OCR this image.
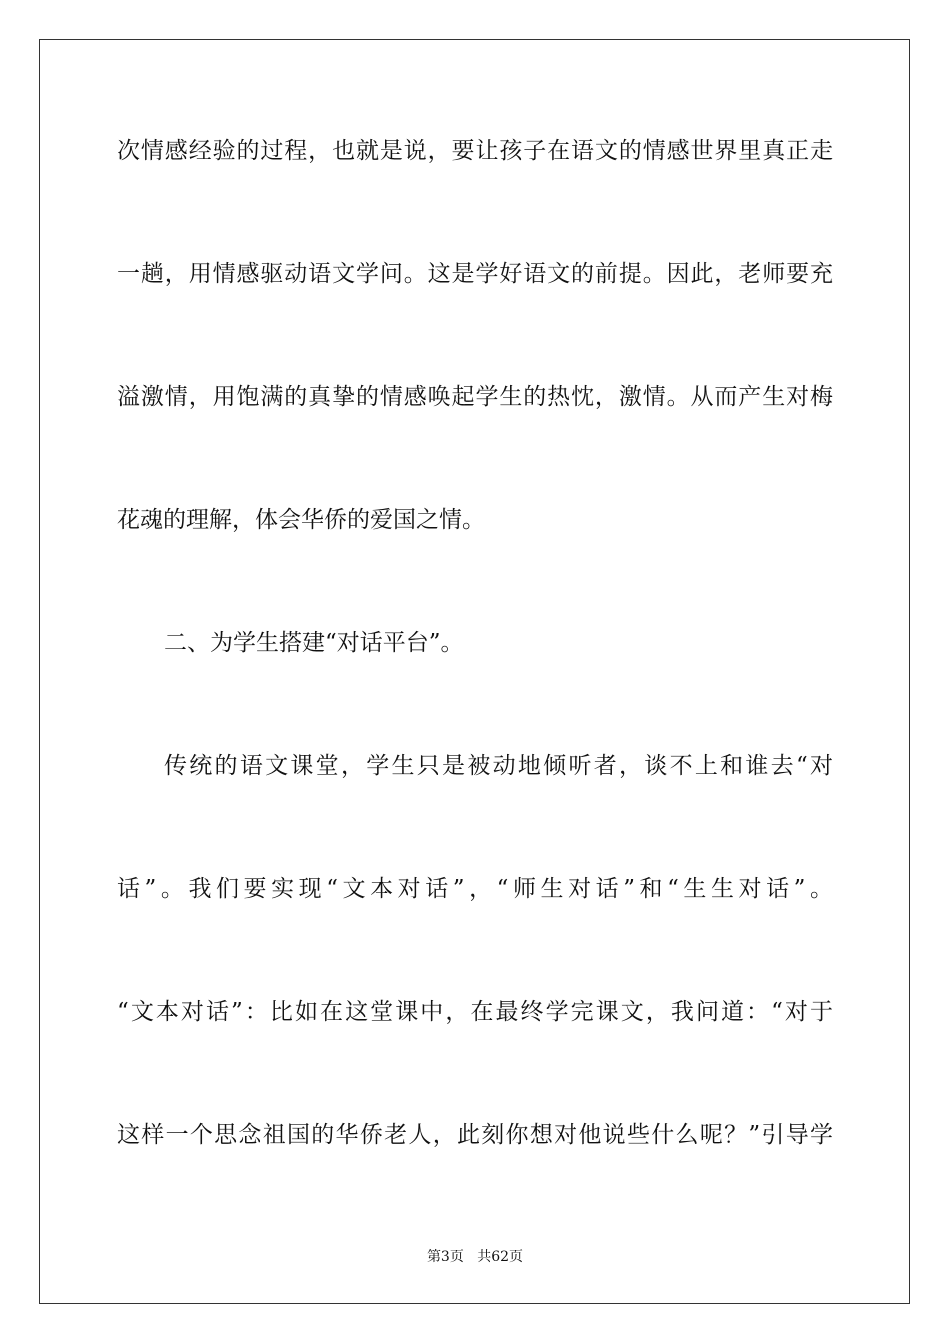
次情感经验的过程，也就是说，要让孩子在语文的情感世界里真正走
一趟，用情感驱动语文学问。这是学好语文的前提。因此，老师要充
溢激情，用饱满的真挚的情感唤起学生的热忱，激情。从而产生对梅
花魂的理解，体会华侨的爱国之情。
二、为学生搭建“对话平台”。
传统的语文课堂，学生只是被动地倾听者，谈不上和谁去“对
话”。我们要实现“文本对话”，“师生对话”和“生生对话”。
“文本对话”：比如在这堂课中，在最终学完课文，我问道：“对于
这样一个思念祖国的华侨老人，此刻你想对他说些什么呢？”引导学
第3页 共62页
